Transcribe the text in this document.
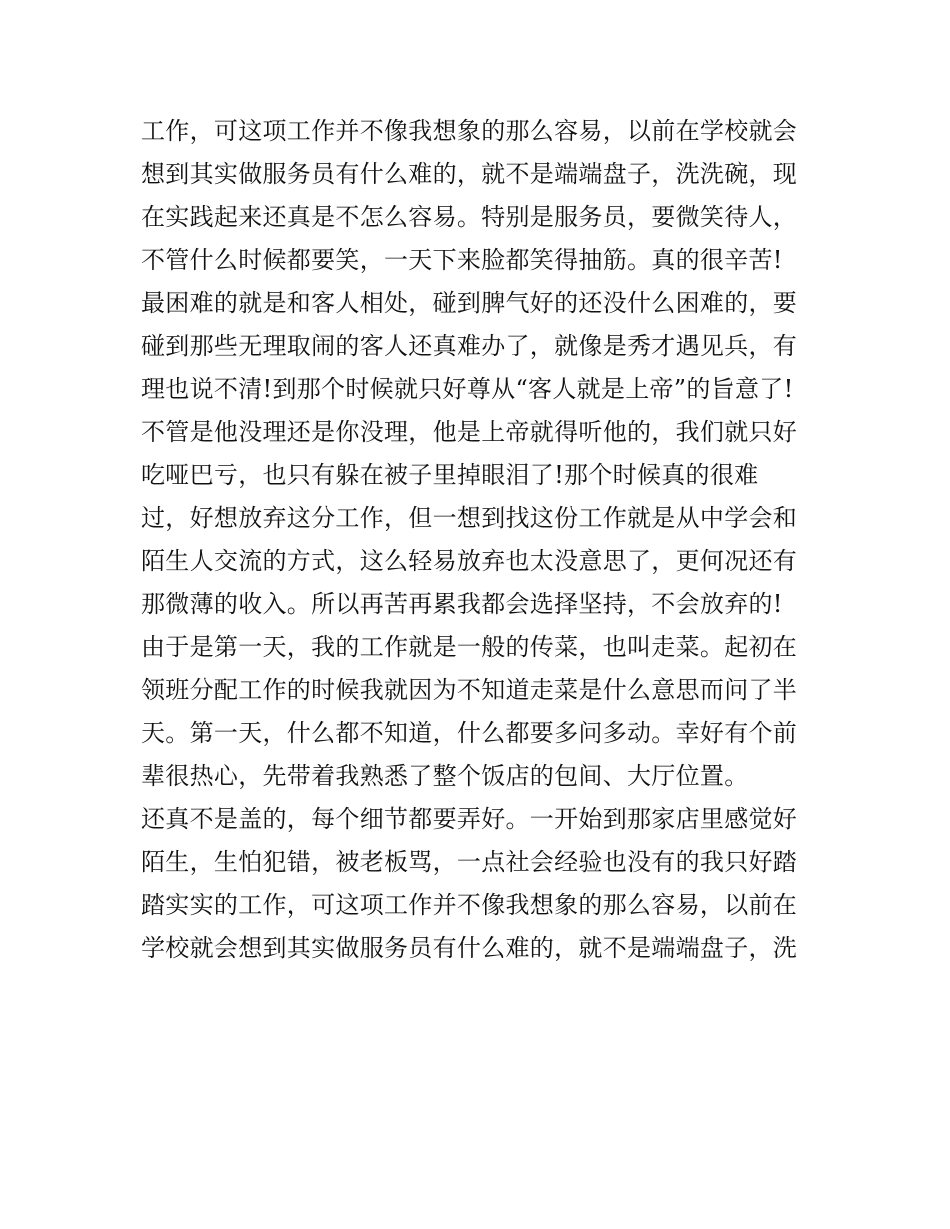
工作，可这项工作并不像我想象的那么容易，以前在学校就会
想到其实做服务员有什么难的，就不是端端盘子，洗洗碗，现
在实践起来还真是不怎么容易。特别是服务员，要微笑待人，
不管什么时候都要笑，一天下来脸都笑得抽筋。真的很辛苦!
最困难的就是和客人相处，碰到脾气好的还没什么困难的，要
碰到那些无理取闹的客人还真难办了，就像是秀才遇见兵，有
理也说不清!到那个时候就只好尊从“客人就是上帝”的旨意了!
不管是他没理还是你没理，他是上帝就得听他的，我们就只好
吃哑巴亏，也只有躲在被子里掉眼泪了!那个时候真的很难
过，好想放弃这分工作，但一想到找这份工作就是从中学会和
陌生人交流的方式，这么轻易放弃也太没意思了，更何况还有
那微薄的收入。所以再苦再累我都会选择坚持，不会放弃的!
由于是第一天，我的工作就是一般的传菜，也叫走菜。起初在
领班分配工作的时候我就因为不知道走菜是什么意思而问了半
天。第一天，什么都不知道，什么都要多问多动。幸好有个前
辈很热心，先带着我熟悉了整个饭店的包间、大厅位置。
还真不是盖的，每个细节都要弄好。一开始到那家店里感觉好
陌生，生怕犯错，被老板骂，一点社会经验也没有的我只好踏
踏实实的工作，可这项工作并不像我想象的那么容易，以前在
学校就会想到其实做服务员有什么难的，就不是端端盘子，洗
